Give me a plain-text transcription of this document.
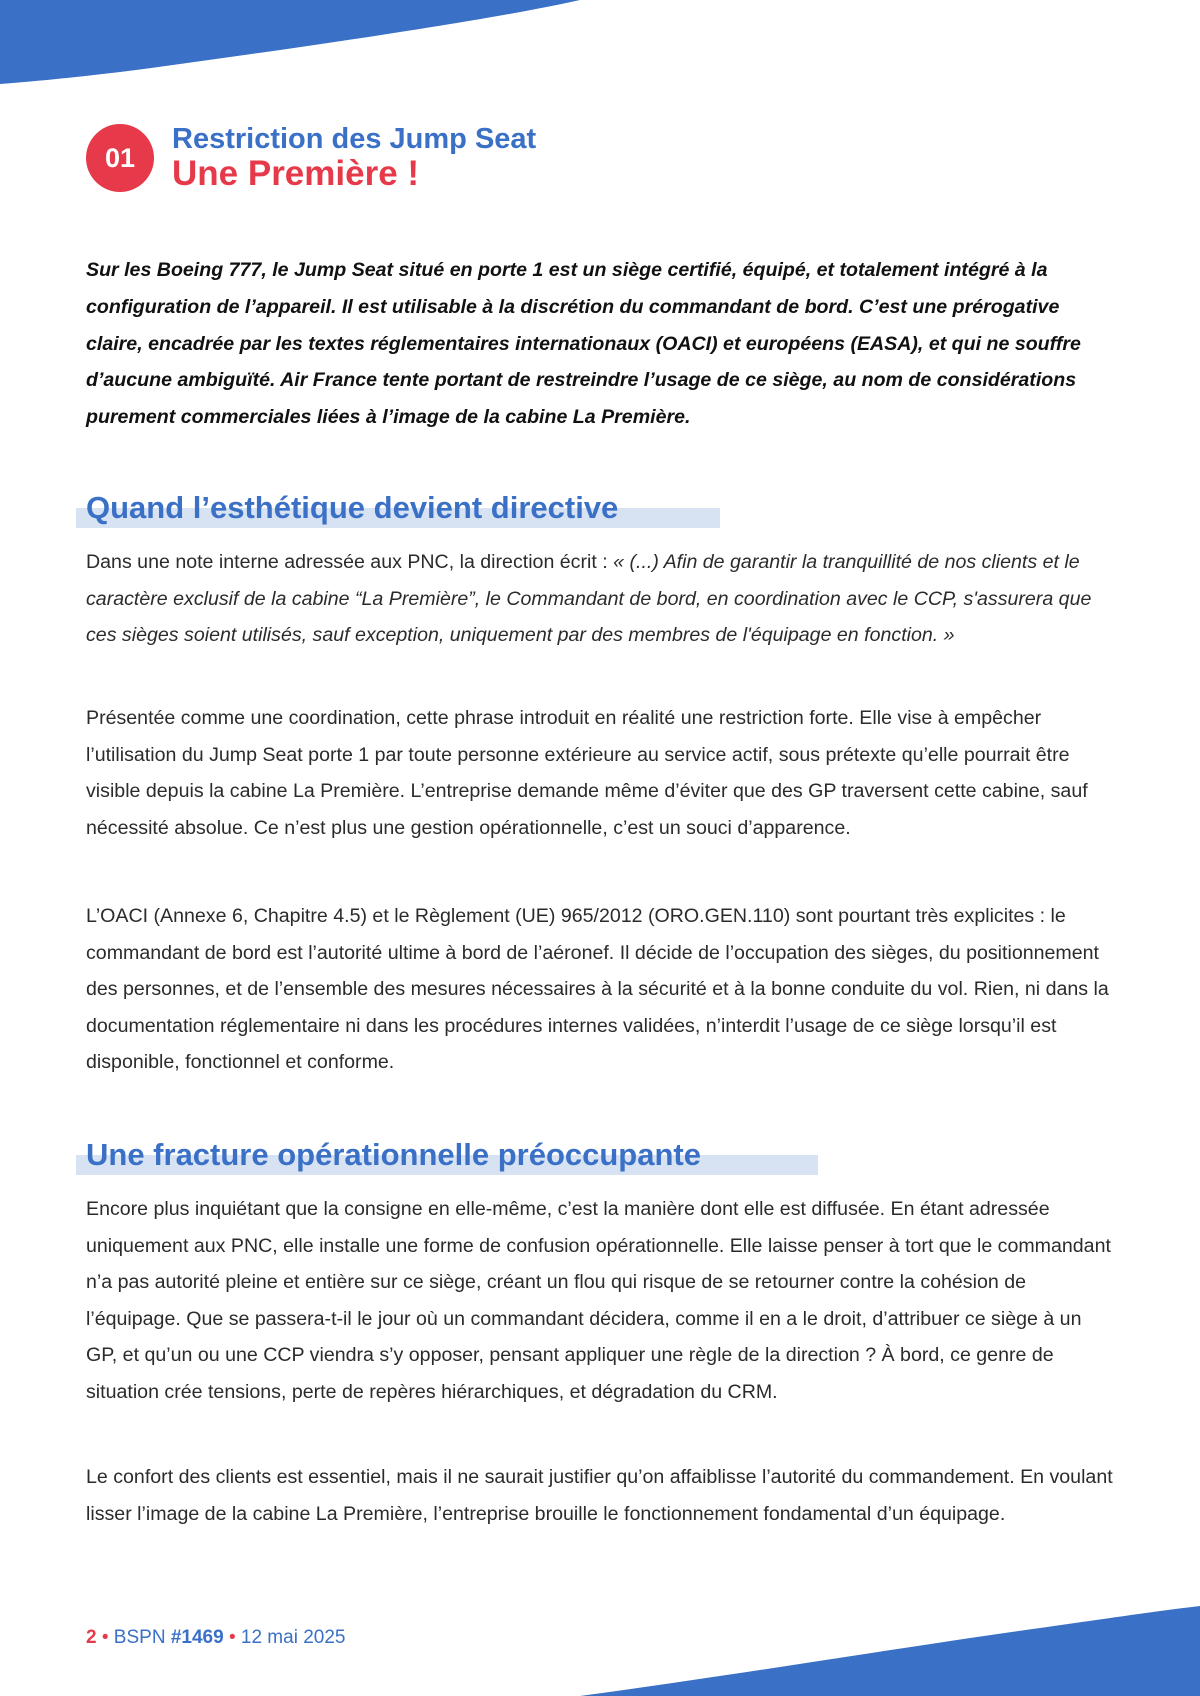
01
Restriction des Jump Seat
Une Première !

Sur les Boeing 777, le Jump Seat situé en porte 1 est un siège certifié, équipé, et totalement intégré à la configuration de l’appareil. Il est utilisable à la discrétion du commandant de bord. C’est une prérogative claire, encadrée par les textes réglementaires internationaux (OACI) et européens (EASA), et qui ne souffre d’aucune ambiguïté. Air France tente portant de restreindre l’usage de ce siège, au nom de considérations purement commerciales liées à l’image de la cabine La Première.

Quand l’esthétique devient directive

Dans une note interne adressée aux PNC, la direction écrit : « (...) Afin de garantir la tranquillité de nos clients et le caractère exclusif de la cabine “La Première”, le Commandant de bord, en coordination avec le CCP, s'assurera que ces sièges soient utilisés, sauf exception, uniquement par des membres de l'équipage en fonction. »

Présentée comme une coordination, cette phrase introduit en réalité une restriction forte. Elle vise à empêcher l’utilisation du Jump Seat porte 1 par toute personne extérieure au service actif, sous prétexte qu’elle pourrait être visible depuis la cabine La Première. L’entreprise demande même d’éviter que des GP traversent cette cabine, sauf nécessité absolue. Ce n’est plus une gestion opérationnelle, c’est un souci d’apparence.

L’OACI (Annexe 6, Chapitre 4.5) et le Règlement (UE) 965/2012 (ORO.GEN.110) sont pourtant très explicites : le commandant de bord est l’autorité ultime à bord de l’aéronef. Il décide de l’occupation des sièges, du positionnement des personnes, et de l’ensemble des mesures nécessaires à la sécurité et à la bonne conduite du vol. Rien, ni dans la documentation réglementaire ni dans les procédures internes validées, n’interdit l’usage de ce siège lorsqu’il est disponible, fonctionnel et conforme.

Une fracture opérationnelle préoccupante

Encore plus inquiétant que la consigne en elle-même, c’est la manière dont elle est diffusée. En étant adressée uniquement aux PNC, elle installe une forme de confusion opérationnelle. Elle laisse penser à tort que le commandant n’a pas autorité pleine et entière sur ce siège, créant un flou qui risque de se retourner contre la cohésion de l’équipage. Que se passera-t-il le jour où un commandant décidera, comme il en a le droit, d’attribuer ce siège à un GP, et qu’un ou une CCP viendra s’y opposer, pensant appliquer une règle de la direction ? À bord, ce genre de situation crée tensions, perte de repères hiérarchiques, et dégradation du CRM.

Le confort des clients est essentiel, mais il ne saurait justifier qu’on affaiblisse l’autorité du commandement. En voulant lisser l’image de la cabine La Première, l’entreprise brouille le fonctionnement fondamental d’un équipage.

2 • BSPN #1469 • 12 mai 2025
